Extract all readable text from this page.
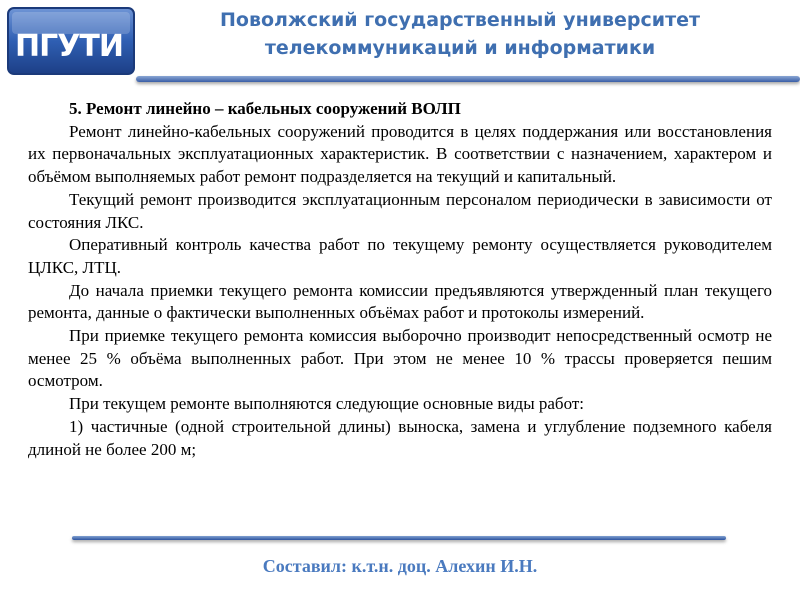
ПГУТИ
Поволжский государственный университет
телекоммуникаций и информатики

5. Ремонт линейно – кабельных сооружений ВОЛП

Ремонт линейно-кабельных сооружений проводится в целях поддержания или восстановления их первоначальных эксплуатационных характеристик. В соответствии с назначением, характером и объёмом выполняемых работ ремонт подразделяется на текущий и капитальный.

Текущий ремонт производится эксплуатационным персоналом периодически в зависимости от состояния ЛКС.

Оперативный контроль качества работ по текущему ремонту осуществляется руководителем ЦЛКС, ЛТЦ.

До начала приемки текущего ремонта комиссии предъявляются утвержденный план текущего ремонта, данные о фактически выполненных объёмах работ и протоколы измерений.

При приемке текущего ремонта комиссия выборочно производит непосредственный осмотр не менее 25 % объёма выполненных работ. При этом не менее 10 % трассы проверяется пешим осмотром.

При текущем ремонте выполняются следующие основные виды работ:

1) частичные (одной строительной длины) выноска, замена и углубление подземного кабеля длиной не более 200 м;

Составил: к.т.н. доц. Алехин И.Н.
